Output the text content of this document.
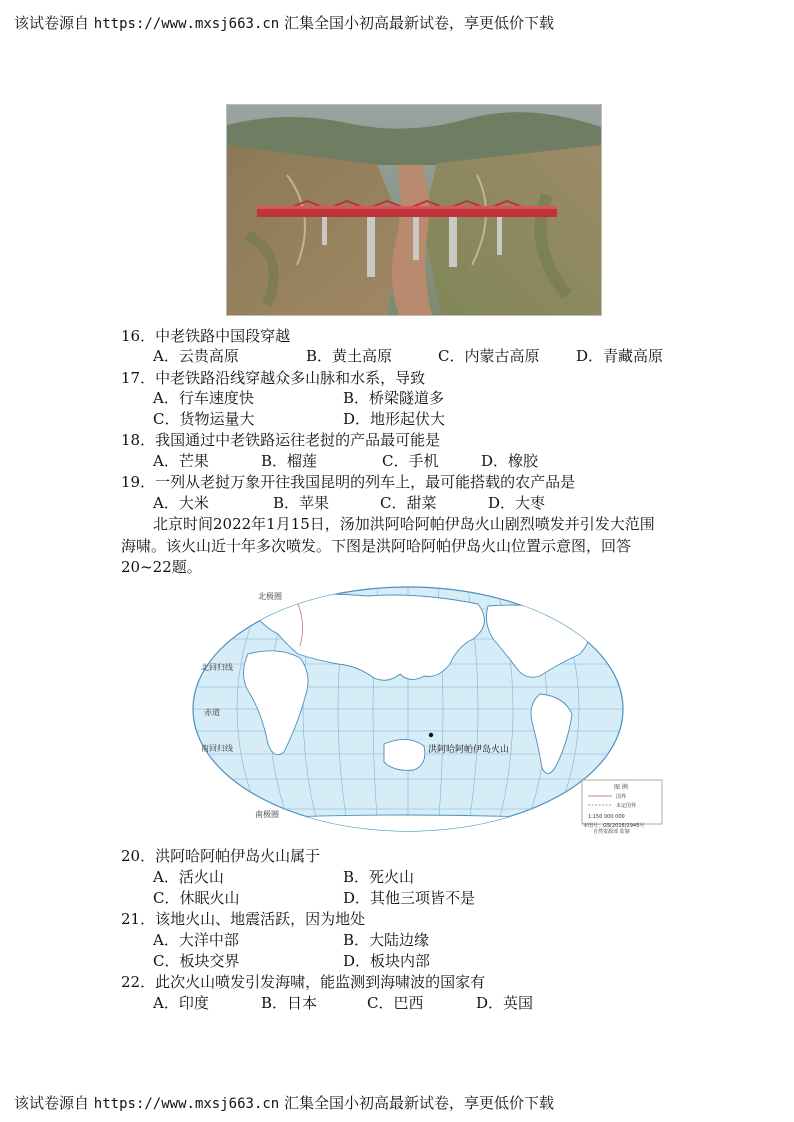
该试卷源自 https://www.mxsj663.cn 汇集全国小初高最新试卷，享更低价下载
16．中老铁路中国段穿越
A．云贵高原	B．黄土高原	C．内蒙古高原 D．青藏高原
17．中老铁路沿线穿越众多山脉和水系，导致
A．行车速度快	B．桥梁隧道多
C．货物运量大	D．地形起伏大
18．我国通过中老铁路运往老挝的产品最可能是
A．芒果	B．榴莲	C．手机	D．橡胶
19．一列从老挝万象开往我国昆明的列车上，最可能搭载的农产品是
A．大米	B．苹果	C．甜菜	D．大枣
北京时间2022年1月15日，汤加洪阿哈阿帕伊岛火山剧烈喷发并引发大范围
海啸。该火山近十年多次喷发。下图是洪阿哈阿帕伊岛火山位置示意图，回答
20~22题。
洪阿哈阿帕伊岛火山
北极圈
北回归线
赤道
南回归线
南极圈
图 例
国界
未定国界
1:150 000 000
审图号：GS(2016)2945号
自然资源部 监制
20．洪阿哈阿帕伊岛火山属于
A．活火山	B．死火山
C．休眠火山	D．其他三项皆不是
21．该地火山、地震活跃，因为地处
A．大洋中部	B．大陆边缘
C．板块交界	D．板块内部
22．此次火山喷发引发海啸，能监测到海啸波的国家有
A．印度	B．日本	C．巴西	D．英国
该试卷源自 https://www.mxsj663.cn 汇集全国小初高最新试卷，享更低价下载
